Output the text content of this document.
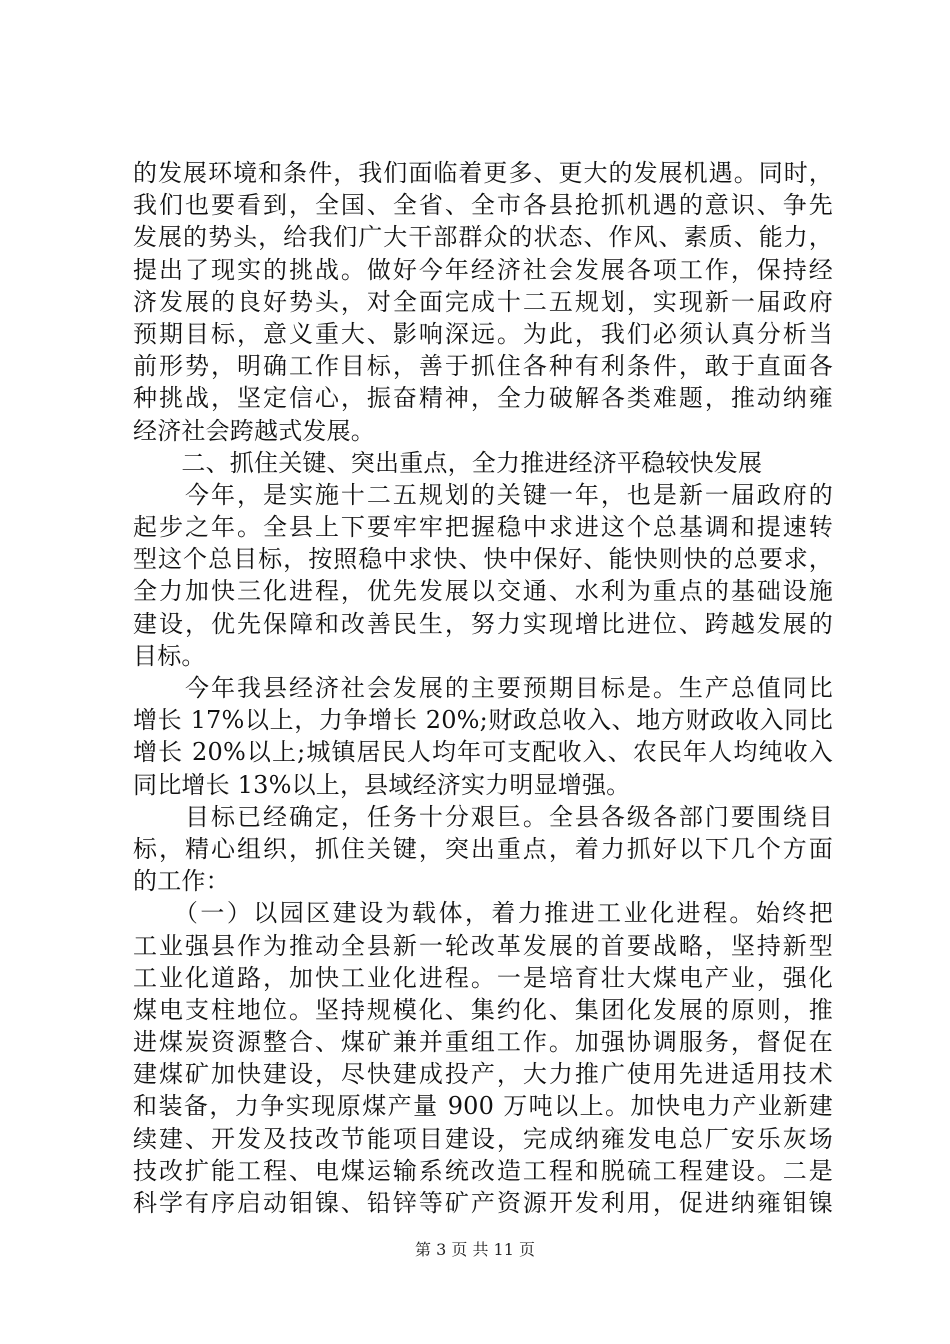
的发展环境和条件，我们面临着更多、更大的发展机遇。同时，
我们也要看到，全国、全省、全市各县抢抓机遇的意识、争先
发展的势头，给我们广大干部群众的状态、作风、素质、能力，
提出了现实的挑战。做好今年经济社会发展各项工作，保持经
济发展的良好势头，对全面完成十二五规划，实现新一届政府
预期目标，意义重大、影响深远。为此，我们必须认真分析当
前形势，明确工作目标，善于抓住各种有利条件，敢于直面各
种挑战，坚定信心，振奋精神，全力破解各类难题，推动纳雍
经济社会跨越式发展。
　　二、抓住关键、突出重点，全力推进经济平稳较快发展
　　今年，是实施十二五规划的关键一年，也是新一届政府的
起步之年。全县上下要牢牢把握稳中求进这个总基调和提速转
型这个总目标，按照稳中求快、快中保好、能快则快的总要求，
全力加快三化进程，优先发展以交通、水利为重点的基础设施
建设，优先保障和改善民生，努力实现增比进位、跨越发展的
目标。
　　今年我县经济社会发展的主要预期目标是。生产总值同比
增长 17%以上，力争增长 20%;财政总收入、地方财政收入同比
增长 20%以上;城镇居民人均年可支配收入、农民年人均纯收入
同比增长 13%以上，县域经济实力明显增强。
　　目标已经确定，任务十分艰巨。全县各级各部门要围绕目
标，精心组织，抓住关键，突出重点，着力抓好以下几个方面
的工作：
　　（一）以园区建设为载体，着力推进工业化进程。始终把
工业强县作为推动全县新一轮改革发展的首要战略，坚持新型
工业化道路，加快工业化进程。一是培育壮大煤电产业，强化
煤电支柱地位。坚持规模化、集约化、集团化发展的原则，推
进煤炭资源整合、煤矿兼并重组工作。加强协调服务，督促在
建煤矿加快建设，尽快建成投产，大力推广使用先进适用技术
和装备，力争实现原煤产量 900 万吨以上。加快电力产业新建
续建、开发及技改节能项目建设，完成纳雍发电总厂安乐灰场
技改扩能工程、电煤运输系统改造工程和脱硫工程建设。二是
科学有序启动钼镍、铅锌等矿产资源开发利用，促进纳雍钼镍
第 3 页 共 11 页
